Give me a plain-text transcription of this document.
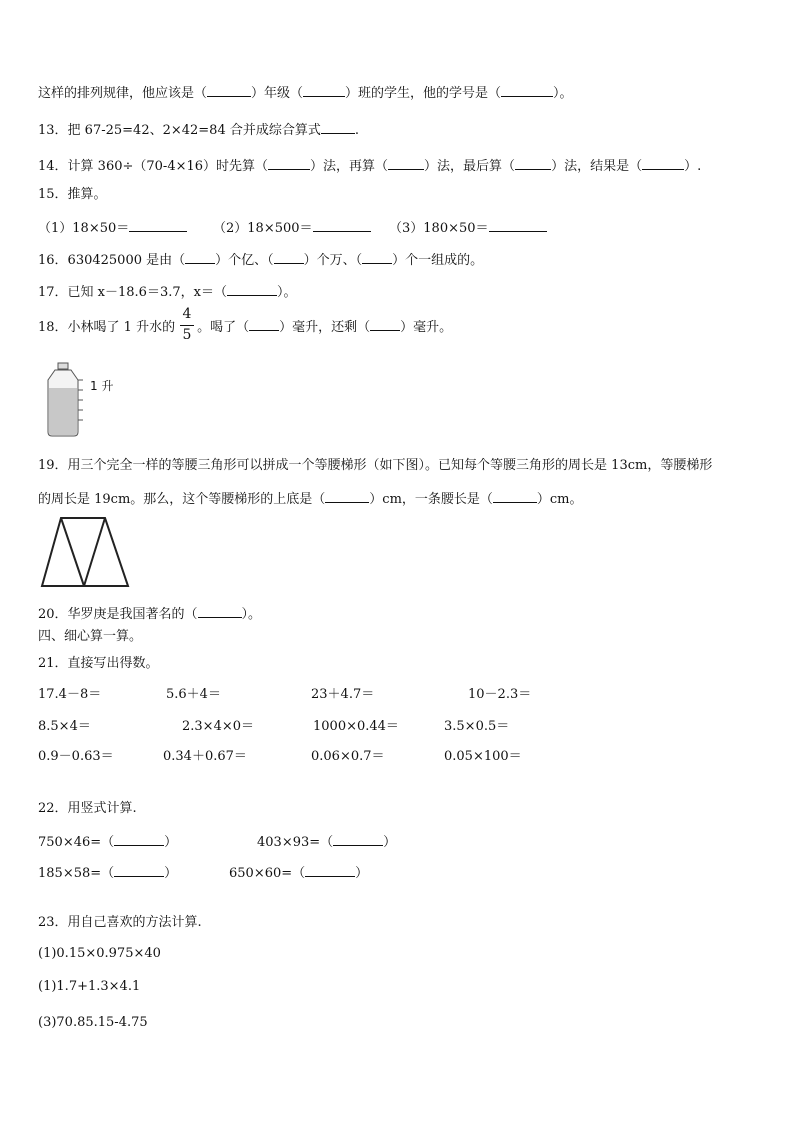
这样的排列规律，他应该是（	）年级（	）班的学生，他的学号是（	）。
13．把 67-25=42、2×42=84 合并成综合算式	.
14．计算 360÷（70-4×16）时先算（	）法，再算（	）法，最后算（	）法，结果是（	）.
15．推算。
（1）18×50＝	（2）18×500＝	（3）180×50＝
16．630425000 是由（ ）个亿、（ ）个万、（ ）个一组成的。
17．已知 x－18.6＝3.7，x＝（	）。
18．小林喝了 1 升水的 。喝了（ ）毫升，还剩（ ）毫升。
4
5
1 升
19．用三个完全一样的等腰三角形可以拼成一个等腰梯形（如下图）。已知每个等腰三角形的周长是 13cm，等腰梯形
的周长是 19cm。那么，这个等腰梯形的上底是（	）cm，一条腰长是（	）cm。
20．华罗庚是我国著名的（	）。
四、细心算一算。
21．直接写出得数。
17.4－8＝	5.6＋4＝	23＋4.7＝	10－2.3＝
8.5×4＝	2.3×4×0＝	1000×0.44＝	3.5×0.5＝
0.9－0.63＝	0.34＋0.67＝	0.06×0.7＝	0.05×100＝
22．用竖式计算.
750×46=（	）	403×93=（	）
185×58=（	）	650×60=（	）
23．用自己喜欢的方法计算.
(1)0.15×0.975×40
(1)1.7+1.3×4.1
(3)70.85.15-4.75
